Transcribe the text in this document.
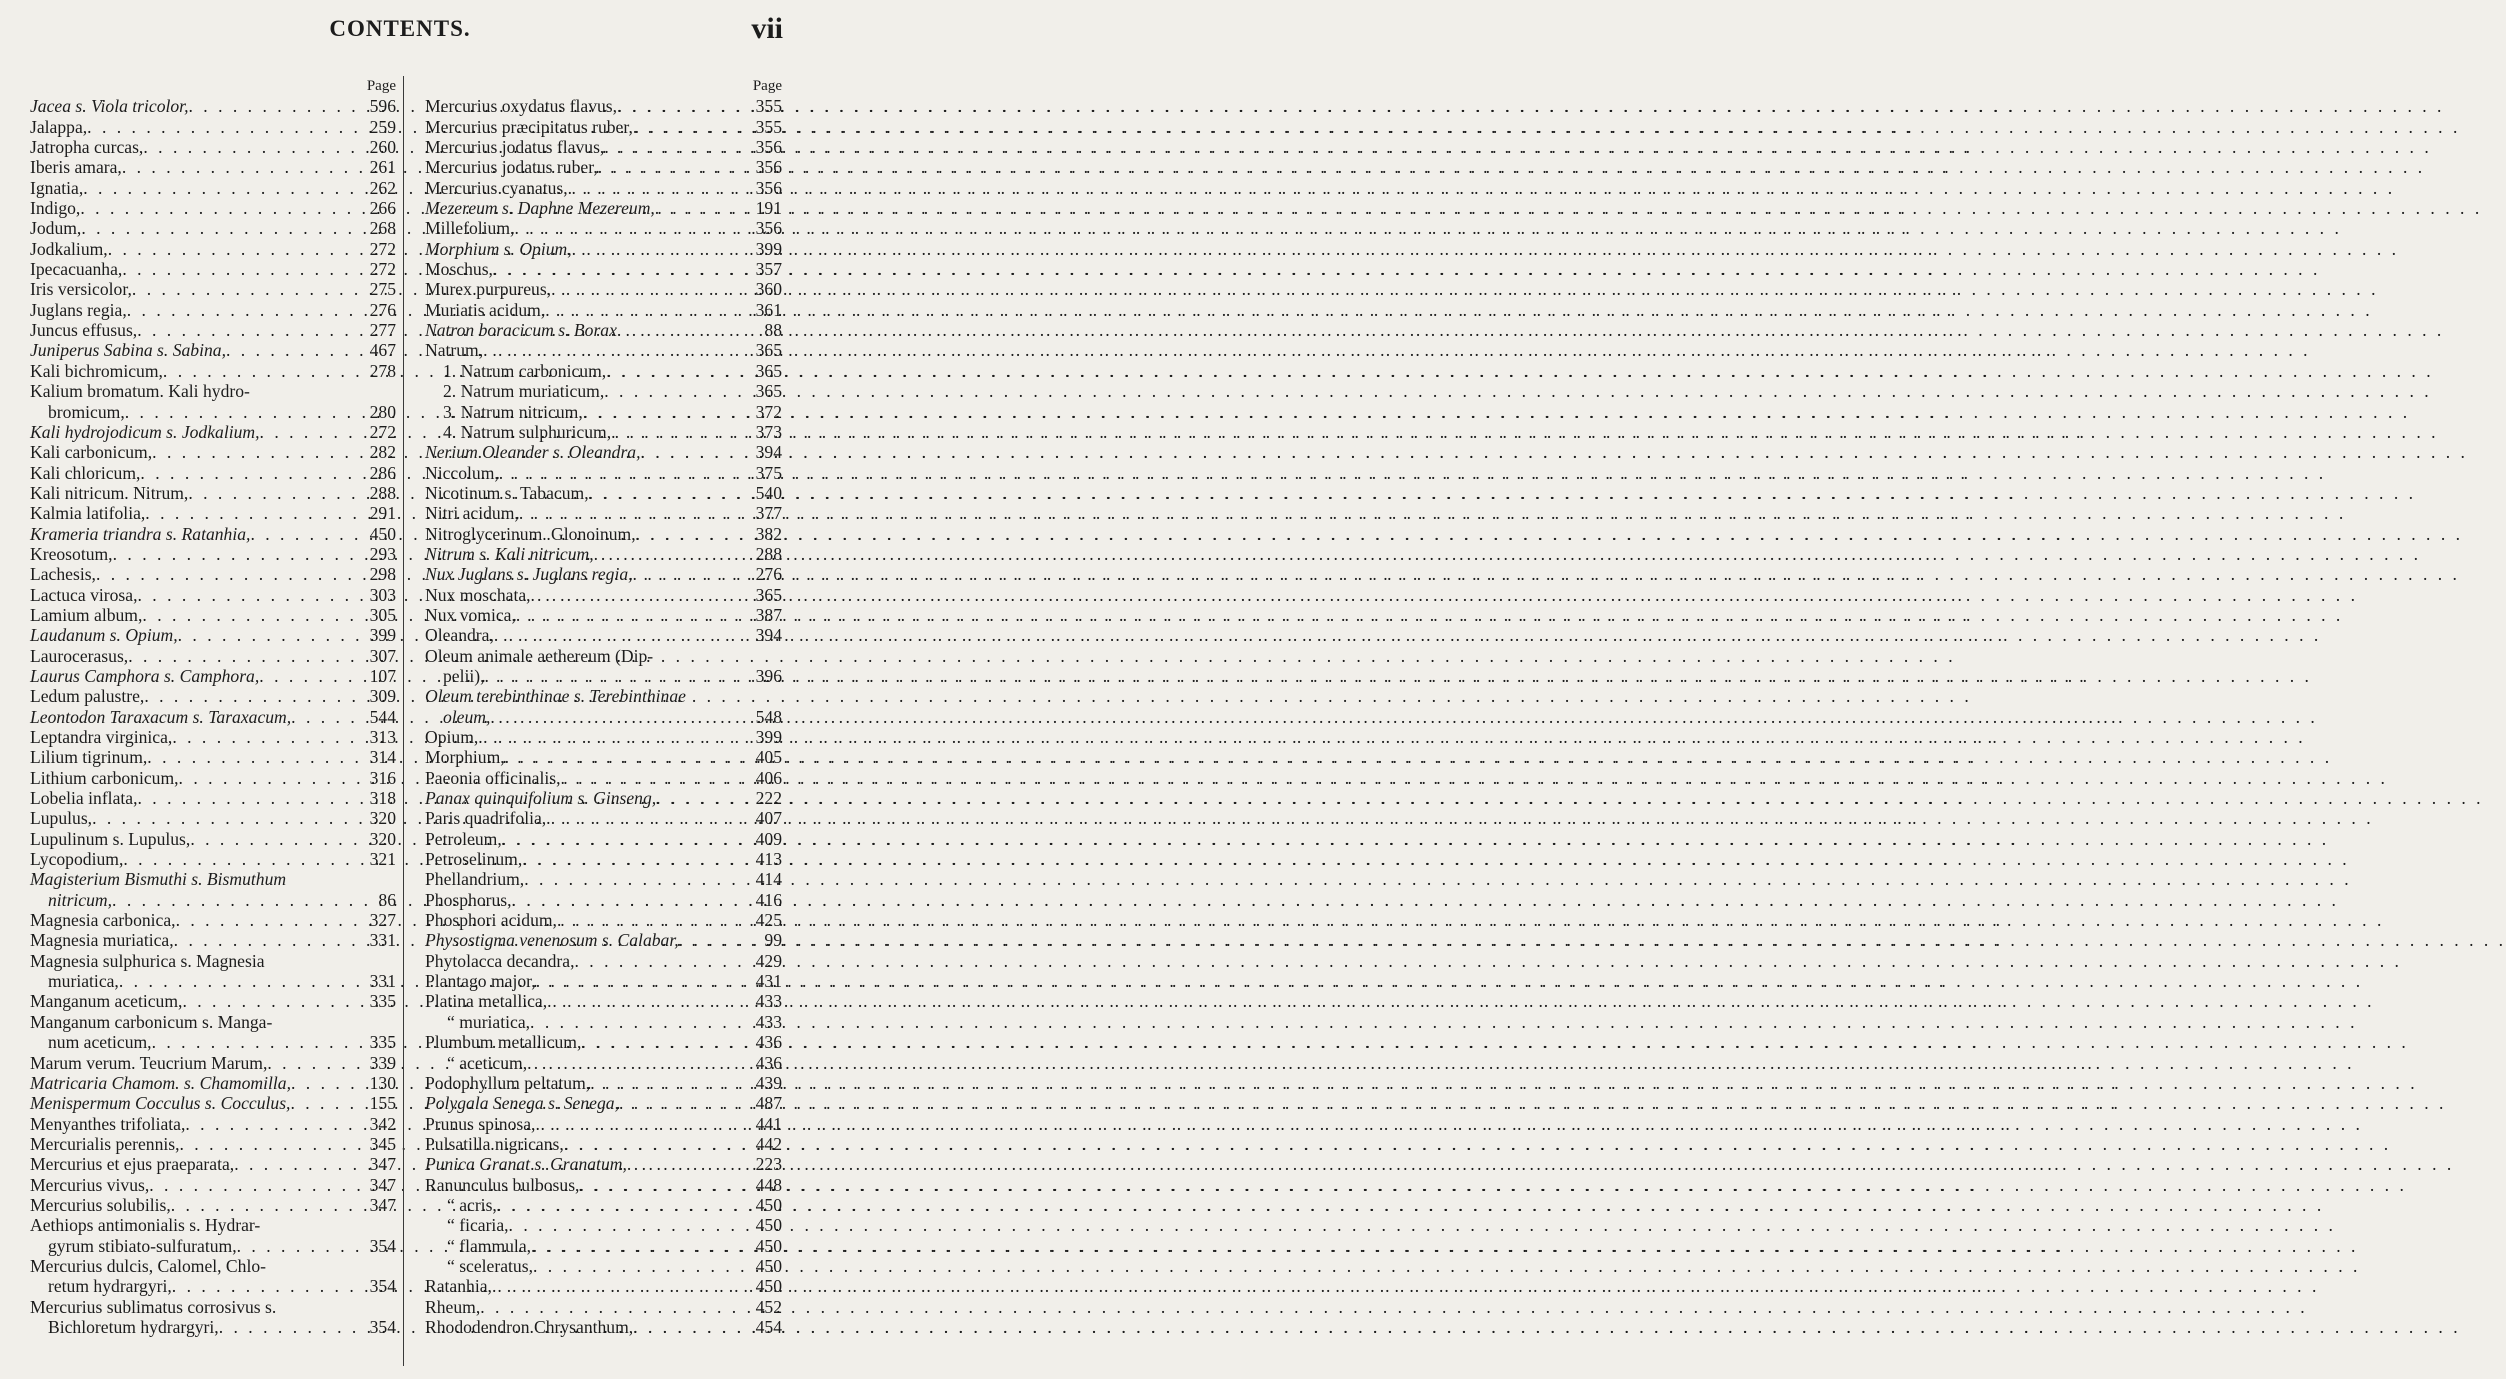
CONTENTS.	vii
Page
Jacea s. Viola tricolor, . . .	596
Jalappa, . . .	259
Jatropha curcas, . . .	260
Iberis amara, . . .	261
Ignatia, . . .	262
Indigo, . . .	266
Jodum, . . .	268
Jodkalium, . . .	272
Ipecacuanha, . . .	272
Iris versicolor, . . .	275
Juglans regia, . . .	276
Juncus effusus, . . .	277
Juniperus Sabina s. Sabina, . . .	467
Kali bichromicum, . . .	278
Kalium bromatum. Kali hydro-
bromicum, . . .	280
Kali hydrojodicum s. Jodkalium, . . .	272
Kali carbonicum, . . .	282
Kali chloricum, . . .	286
Kali nitricum. Nitrum, . . .	288
Kalmia latifolia, . . .	291
Krameria triandra s. Ratanhia, . . .	450
Kreosotum, . . .	293
Lachesis, . . .	298
Lactuca virosa, . . .	303
Lamium album, . . .	305
Laudanum s. Opium, . . .	399
Laurocerasus, . . .	307
Laurus Camphora s. Camphora, . . .	107
Ledum palustre, . . .	309
Leontodon Taraxacum s. Taraxacum, . . .	544
Leptandra virginica, . . .	313
Lilium tigrinum, . . .	314
Lithium carbonicum, . . .	316
Lobelia inflata, . . .	318
Lupulus, . . .	320
Lupulinum s. Lupulus, . . .	320
Lycopodium, . . .	321
Magisterium Bismuthi s. Bismuthum
nitricum, . . .	86
Magnesia carbonica, . . .	327
Magnesia muriatica, . . .	331
Magnesia sulphurica s. Magnesia
muriatica, . . .	331
Manganum aceticum, . . .	335
Manganum carbonicum s. Manga-
num aceticum, . . .	335
Marum verum. Teucrium Marum, . . .	339
Matricaria Chamom. s. Chamomilla, . . .	130
Menispermum Cocculus s. Cocculus, . . .	155
Menyanthes trifoliata, . . .	342
Mercurialis perennis, . . .	345
Mercurius et ejus praeparata, . . .	347
Mercurius vivus, . . .	347
Mercurius solubilis, . . .	347
Aethiops antimonialis s. Hydrar-
gyrum stibiato-sulfuratum, . . .	354
Mercurius dulcis, Calomel, Chlo-
retum hydrargyri, . . .	354
Mercurius sublimatus corrosivus s.
Bichloretum hydrargyri, . . .	354
Page
Mercurius oxydatus flavus, . . .	355
Mercurius præcipitatus ruber, . . .	355
Mercurius jodatus flavus, . . .	356
Mercurius jodatus ruber, . . .	356
Mercurius cyanatus, . . .	356
Mezereum s. Daphne Mezereum, . . .	191
Millefolium, . . .	356
Morphium s. Opium, . . .	399
Moschus, . . .	357
Murex purpureus, . . .	360
Muriatis acidum, . . .	361
Natron boracicum s. Borax . . .	88
Natrum, . . .	365
1. Natrum carbonicum, . . .	365
2. Natrum muriaticum, . . .	365
3. Natrum nitricum, . . .	372
4. Natrum sulphuricum, . . .	373
Nerium Oleander s. Oleandra, . . .	394
Niccolum, . . .	375
Nicotinum s. Tabacum, . . .	540
Nitri acidum, . . .	377
Nitroglycerinum. Glonoinum, . . .	382
Nitrum s. Kali nitricum, . . .	288
Nux Juglans s. Juglans regia, . . .	276
Nux moschata, . . .	365
Nux vomica, . . .	387
Oleandra, . . .	394
Oleum animale aethereum (Dip-
pelii), . . .	396
Oleum terebinthinae s. Terebinthinae
oleum, . . .	548
Opium, . . .	399
Morphium, . . .	405
Paeonia officinalis, . . .	406
Panax quinquifolium s. Ginseng, . . .	222
Paris quadrifolia, . . .	407
Petroleum, . . .	409
Petroselinum, . . .	413
Phellandrium, . . .	414
Phosphorus, . . .	416
Phosphori acidum, . . .	425
Physostigma venenosum s. Calabar, . . .	99
Phytolacca decandra, . . .	429
Plantago major, . . .	431
Platina metallica, . . .	433
“ muriatica, . . .	433
Plumbum metallicum, . . .	436
“ aceticum, . . .	436
Podophyllum peltatum, . . .	439
Polygala Senega s. Senega, . . .	487
Prunus spinosa, . . .	441
Pulsatilla nigricans, . . .	442
Punica Granat s. Granatum, . . .	223
Ranunculus bulbosus, . . .	448
“ acris, . . .	450
“ ficaria, . . .	450
“ flammula, . . .	450
“ sceleratus, . . .	450
Ratanhia, . . .	450
Rheum, . . .	452
Rhododendron Chrysanthum, . . .	454
